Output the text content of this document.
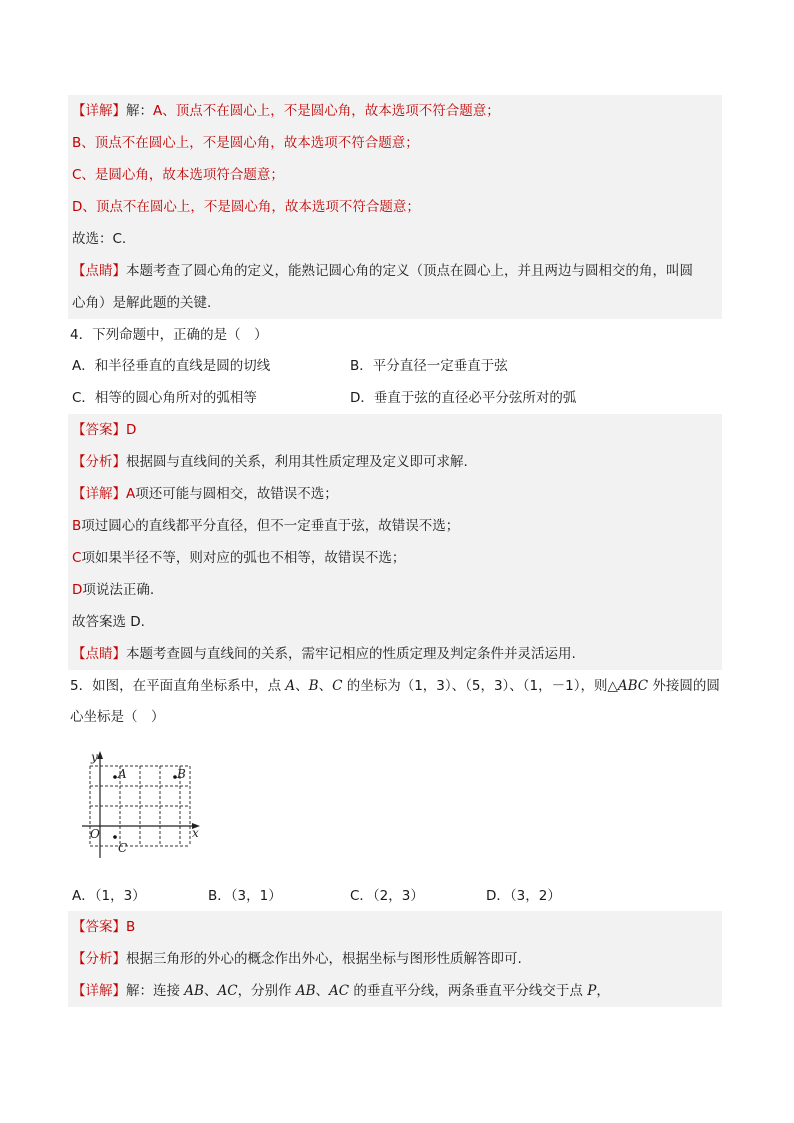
【详解】解：A、顶点不在圆心上，不是圆心角，故本选项不符合题意；
B、顶点不在圆心上，不是圆心角，故本选项不符合题意；
C、是圆心角，故本选项符合题意；
D、顶点不在圆心上，不是圆心角，故本选项不符合题意；
故选：C.
【点睛】本题考查了圆心角的定义，能熟记圆心角的定义（顶点在圆心上，并且两边与圆相交的角，叫圆
心角）是解此题的关键.
4．下列命题中，正确的是（　）
A．和半径垂直的直线是圆的切线	B．平分直径一定垂直于弦
C．相等的圆心角所对的弧相等	D．垂直于弦的直径必平分弦所对的弧
【答案】D
【分析】根据圆与直线间的关系，利用其性质定理及定义即可求解.
【详解】A项还可能与圆相交，故错误不选；
B项过圆心的直线都平分直径，但不一定垂直于弦，故错误不选；
C项如果半径不等，则对应的弧也不相等，故错误不选；
D项说法正确.
故答案选 D.
【点睛】本题考查圆与直线间的关系，需牢记相应的性质定理及判定条件并灵活运用.
5．如图，在平面直角坐标系中，点 A、B、C 的坐标为（1，3）、（5，3）、（1，－1），则△ABC 外接圆的圆
心坐标是（　）
y
x
O
A	B
C
A．（1，3）	B．（3，1）	C．（2，3）	D．（3，2）
【答案】B
【分析】根据三角形的外心的概念作出外心，根据坐标与图形性质解答即可.
【详解】解：连接 AB、AC，分别作 AB、AC 的垂直平分线，两条垂直平分线交于点 P，
